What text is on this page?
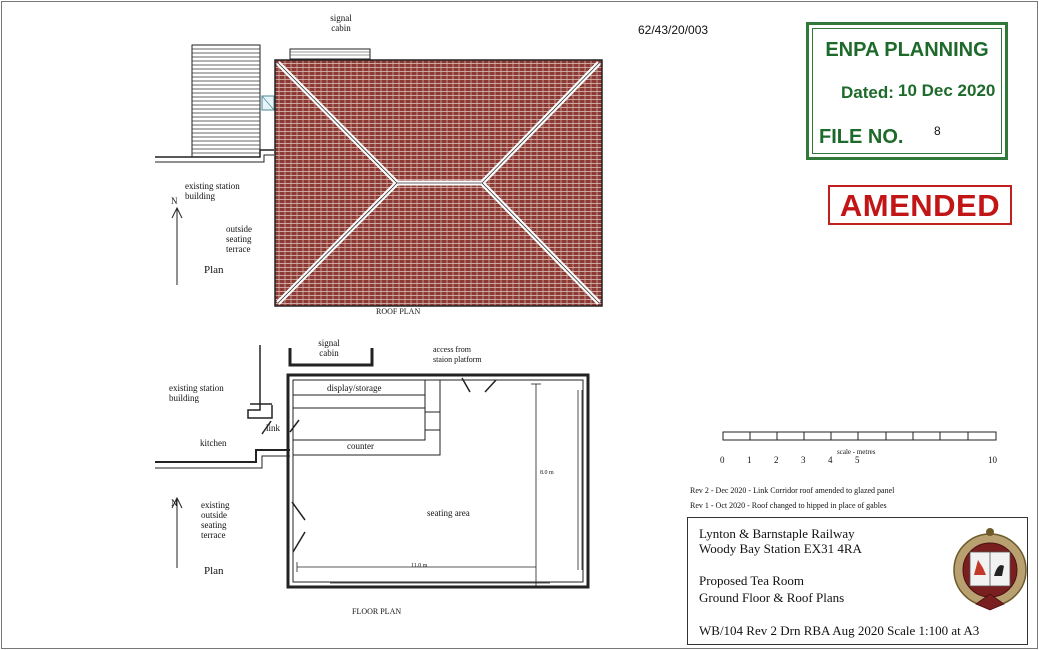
62/43/20/003
ENPA PLANNING
Dated: 10 Dec 2020
FILE NO.	8
AMENDED
signal
cabin
existing station
building
outside
seating
terrace
N
Plan
ROOF PLAN
signal
cabin	access from
staion platform
existing station
building
display/storage
link
kitchen	counter
seating area
11.0 m
8.0 m
N	existing
outside
seating
terrace
Plan
FLOOR PLAN
scale - metres
0	1	2	3	4	5	10
Rev 2 - Dec 2020 - Link Corridor roof amended to glazed panel
Rev 1 - Oct 2020 - Roof changed to hipped in place of gables
Lynton & Barnstaple Railway
Woody Bay Station EX31 4RA
Proposed Tea Room
Ground Floor & Roof Plans
WB/104 Rev 2 Drn RBA Aug 2020 Scale 1:100 at A3
